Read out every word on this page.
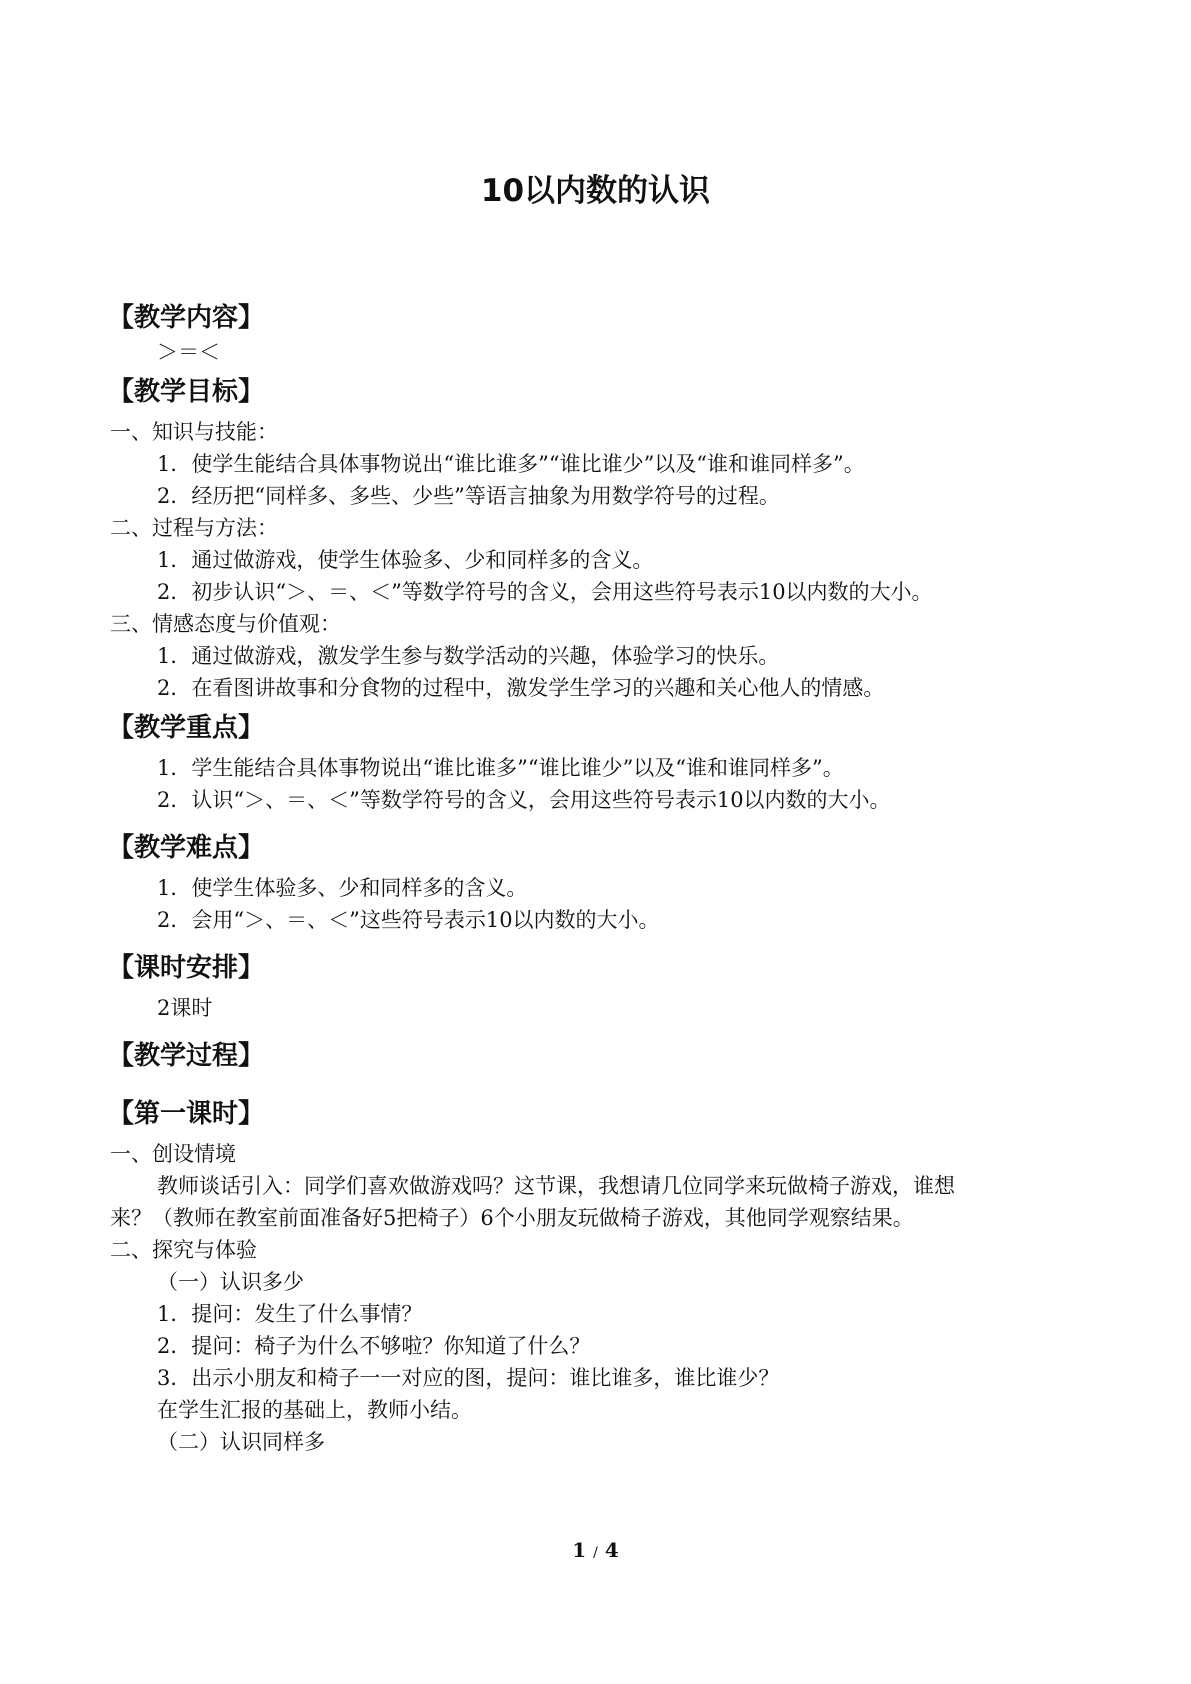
10以内数的认识
【教学内容】
＞＝＜
【教学目标】
一、知识与技能：
1．使学生能结合具体事物说出“谁比谁多”“谁比谁少”以及“谁和谁同样多”。
2．经历把“同样多、多些、少些”等语言抽象为用数学符号的过程。
二、过程与方法：
1．通过做游戏，使学生体验多、少和同样多的含义。
2．初步认识“＞、＝、＜”等数学符号的含义，会用这些符号表示10以内数的大小。
三、情感态度与价值观：
1．通过做游戏，激发学生参与数学活动的兴趣，体验学习的快乐。
2．在看图讲故事和分食物的过程中，激发学生学习的兴趣和关心他人的情感。
【教学重点】
1．学生能结合具体事物说出“谁比谁多”“谁比谁少”以及“谁和谁同样多”。
2．认识“＞、＝、＜”等数学符号的含义，会用这些符号表示10以内数的大小。
【教学难点】
1．使学生体验多、少和同样多的含义。
2．会用“＞、＝、＜”这些符号表示10以内数的大小。
【课时安排】
2课时
【教学过程】
【第一课时】
一、创设情境
教师谈话引入：同学们喜欢做游戏吗？这节课，我想请几位同学来玩做椅子游戏，谁想
来？（教师在教室前面准备好5把椅子）6个小朋友玩做椅子游戏，其他同学观察结果。
二、探究与体验
（一）认识多少
1．提问：发生了什么事情？
2．提问：椅子为什么不够啦？你知道了什么？
3．出示小朋友和椅子一一对应的图，提问：谁比谁多，谁比谁少？
在学生汇报的基础上，教师小结。
（二）认识同样多
1 / 4
